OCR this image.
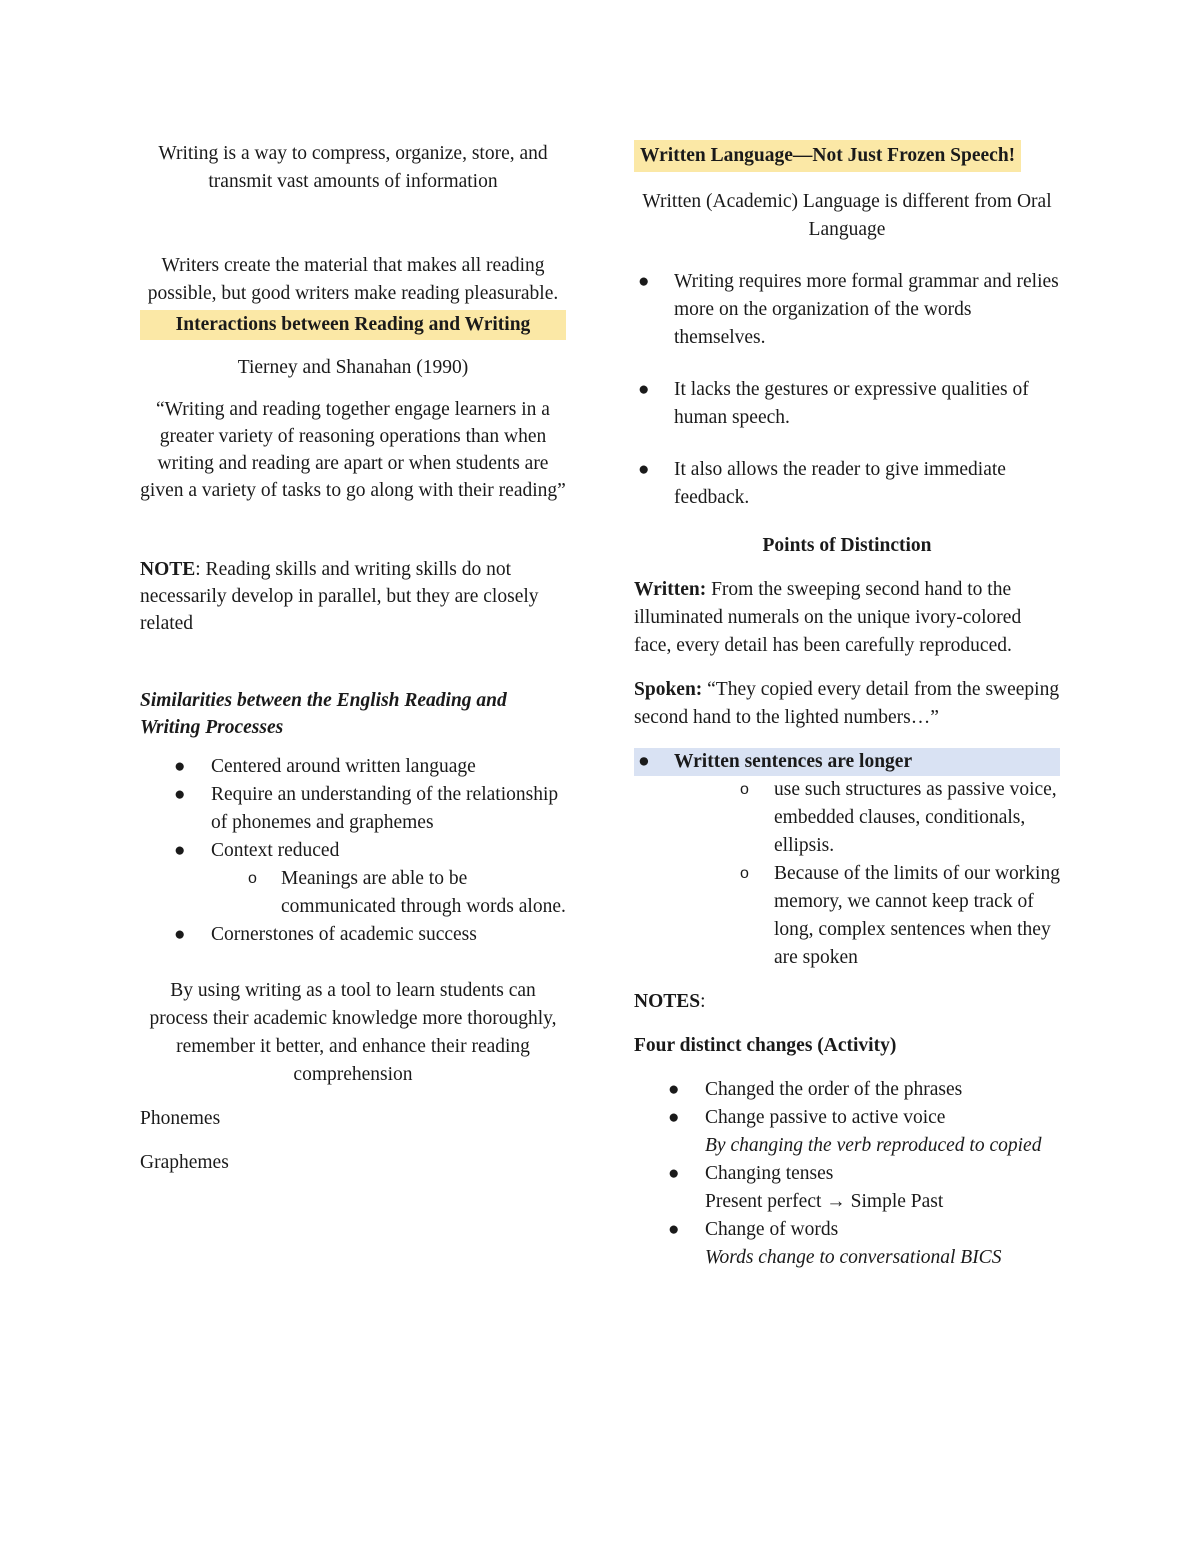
Writing is a way to compress, organize, store, and transmit vast amounts of information

Writers create the material that makes all reading possible, but good writers make reading pleasurable.

Interactions between Reading and Writing

Tierney and Shanahan (1990)

“Writing and reading together engage learners in a greater variety of reasoning operations than when writing and reading are apart or when students are given a variety of tasks to go along with their reading”

NOTE: Reading skills and writing skills do not necessarily develop in parallel, but they are closely related

Similarities between the English Reading and Writing Processes

● Centered around written language
● Require an understanding of the relationship of phonemes and graphemes
● Context reduced
o Meanings are able to be communicated through words alone.
● Cornerstones of academic success

By using writing as a tool to learn students can process their academic knowledge more thoroughly, remember it better, and enhance their reading comprehension

Phonemes

Graphemes

Written Language—Not Just Frozen Speech!

Written (Academic) Language is different from Oral Language

● Writing requires more formal grammar and relies more on the organization of the words themselves.
● It lacks the gestures or expressive qualities of human speech.
● It also allows the reader to give immediate feedback.

Points of Distinction

Written: From the sweeping second hand to the illuminated numerals on the unique ivory-colored face, every detail has been carefully reproduced.

Spoken: “They copied every detail from the sweeping second hand to the lighted numbers…”

● Written sentences are longer
o use such structures as passive voice, embedded clauses, conditionals, ellipsis.
o Because of the limits of our working memory, we cannot keep track of long, complex sentences when they are spoken

NOTES:

Four distinct changes (Activity)

● Changed the order of the phrases
● Change passive to active voice
By changing the verb reproduced to copied
● Changing tenses
Present perfect → Simple Past
● Change of words
Words change to conversational BICS
